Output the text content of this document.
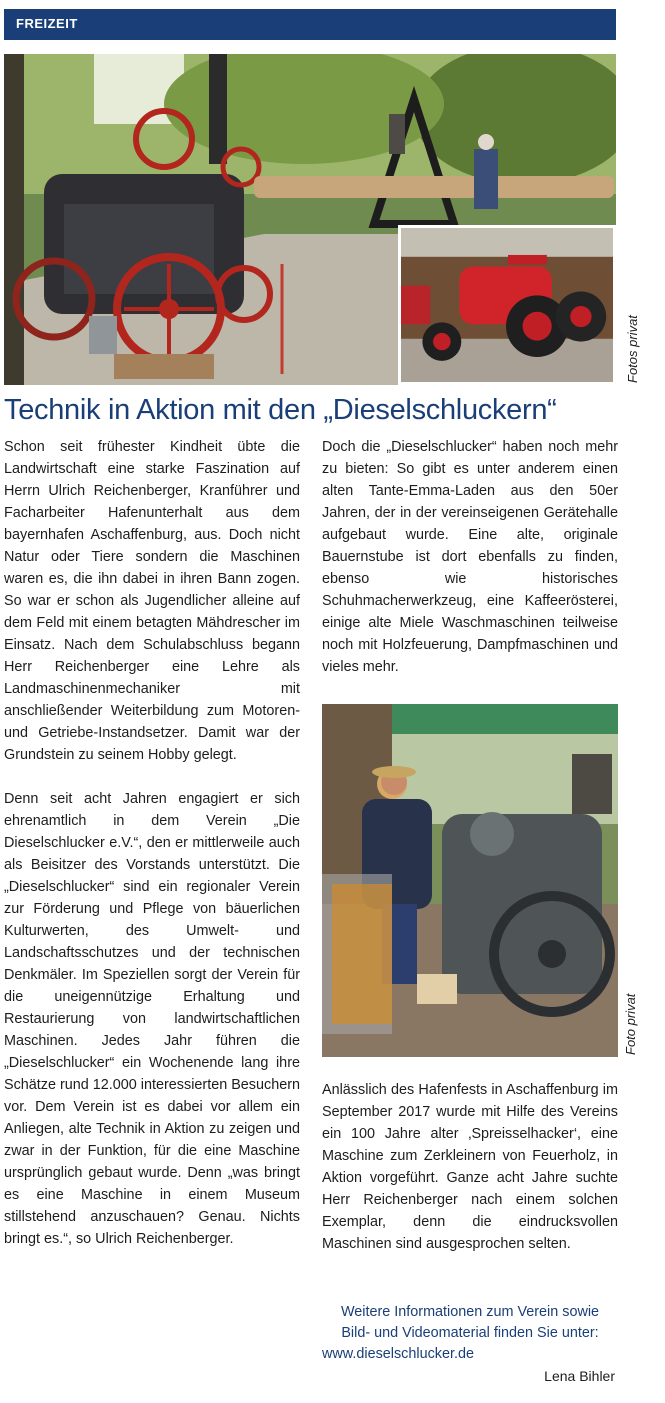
FREIZEIT
Fotos privat
Technik in Aktion mit den „Dieselschluckern“

Schon seit frühester Kindheit übte die Landwirtschaft eine starke Faszination auf Herrn Ulrich Reichenberger, Kranführer und Facharbeiter Hafenunterhalt aus dem bayernhafen Aschaffenburg, aus. Doch nicht Natur oder Tiere sondern die Maschinen waren es, die ihn dabei in ihren Bann zogen. So war er schon als Jugendlicher alleine auf dem Feld mit einem betagten Mähdrescher im Einsatz. Nach dem Schulabschluss begann Herr Reichenberger eine Lehre als Landmaschinenmechaniker mit anschließender Weiterbildung zum Motoren- und Getriebe-Instandsetzer. Damit war der Grundstein zu seinem Hobby gelegt.

Denn seit acht Jahren engagiert er sich ehrenamtlich in dem Verein „Die Dieselschlucker e.V.“, den er mittlerweile auch als Beisitzer des Vorstands unterstützt. Die „Dieselschlucker“ sind ein regionaler Verein zur Förderung und Pflege von bäuerlichen Kulturwerten, des Umwelt- und Landschaftsschutzes und der technischen Denkmäler. Im Speziellen sorgt der Verein für die uneigennützige Erhaltung und Restaurierung von landwirtschaftlichen Maschinen. Jedes Jahr führen die „Dieselschlucker“ ein Wochenende lang ihre Schätze rund 12.000 interessierten Besuchern vor. Dem Verein ist es dabei vor allem ein Anliegen, alte Technik in Aktion zu zeigen und zwar in der Funktion, für die eine Maschine ursprünglich gebaut wurde. Denn „was bringt es eine Maschine in einem Museum stillstehend anzuschauen? Genau. Nichts bringt es.“, so Ulrich Reichenberger.

Doch die „Dieselschlucker“ haben noch mehr zu bieten: So gibt es unter anderem einen alten Tante-Emma-Laden aus den 50er Jahren, der in der vereinseigenen Gerätehalle aufgebaut wurde. Eine alte, originale Bauernstube ist dort ebenfalls zu finden, ebenso wie historisches Schuhmacherwerkzeug, eine Kaffeerösterei, einige alte Miele Waschmaschinen teilweise noch mit Holzfeuerung, Dampfmaschinen und vieles mehr.

Foto privat

Anlässlich des Hafenfests in Aschaffenburg im September 2017 wurde mit Hilfe des Vereins ein 100 Jahre alter ‚Spreisselhacker‘, eine Maschine zum Zerkleinern von Feuerholz, in Aktion vorgeführt. Ganze acht Jahre suchte Herr Reichenberger nach einem solchen Exemplar, denn die eindrucksvollen Maschinen sind ausgesprochen selten.

Weitere Informationen zum Verein sowie
Bild- und Videomaterial finden Sie unter:
www.dieselschlucker.de

Lena Bihler
